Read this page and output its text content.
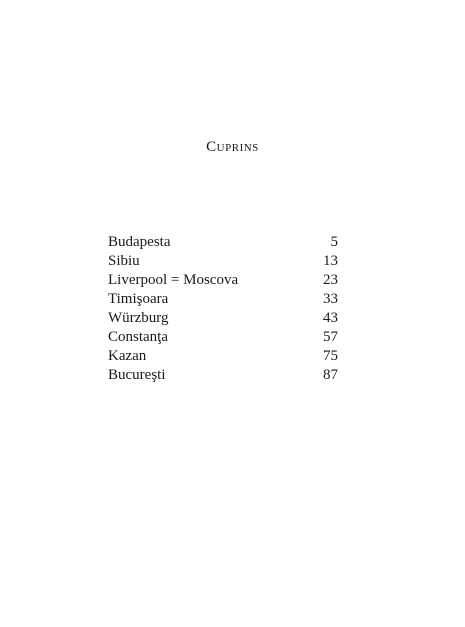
Cuprins
Budapesta	5
Sibiu	13
Liverpool = Moscova	23
Timişoara	33
Würzburg	43
Constanţa	57
Kazan	75
Bucureşti	87
